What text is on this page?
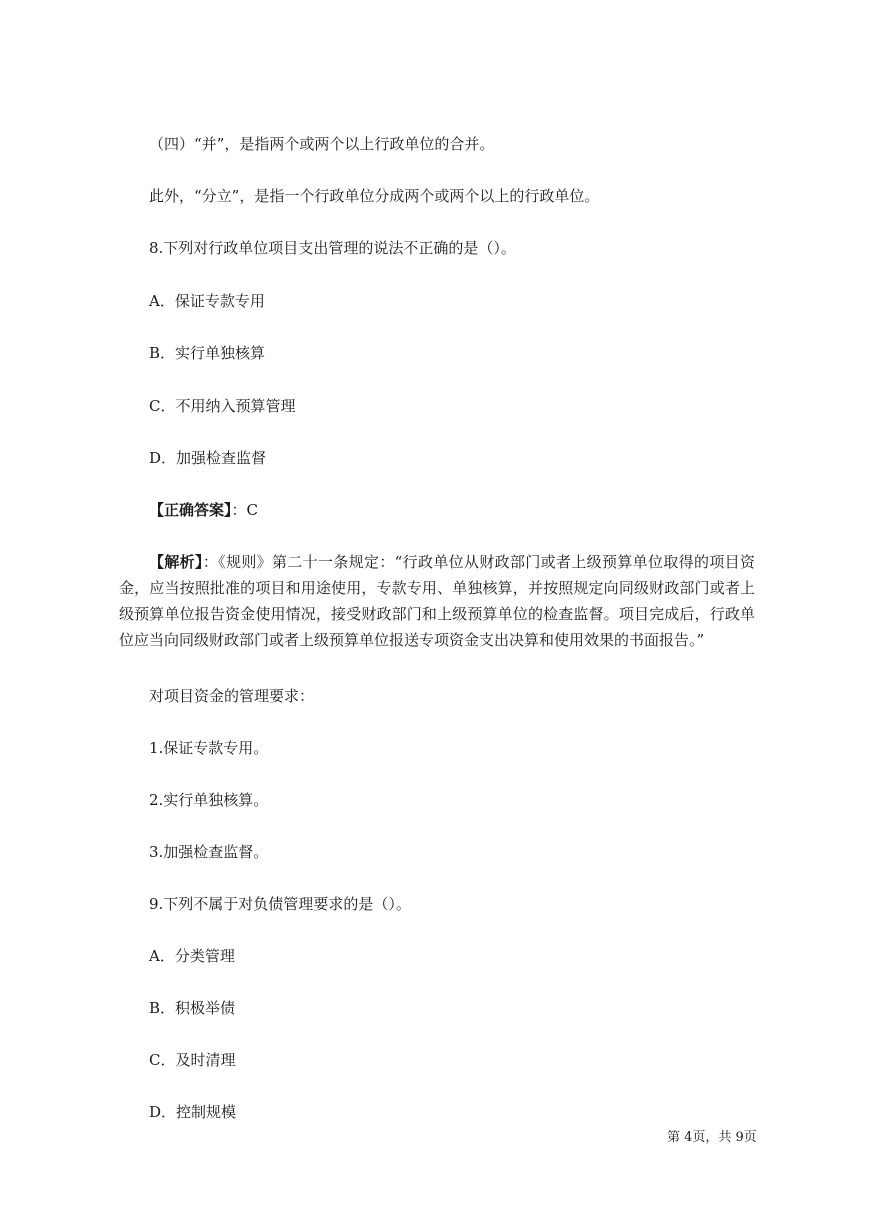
（四）“并”，是指两个或两个以上行政单位的合并。

此外，“分立”，是指一个行政单位分成两个或两个以上的行政单位。

8.下列对行政单位项目支出管理的说法不正确的是（）。

A．保证专款专用

B．实行单独核算

C．不用纳入预算管理

D．加强检查监督

【正确答案】：C

【解析】：《规则》第二十一条规定：“行政单位从财政部门或者上级预算单位取得的项目资金，应当按照批准的项目和用途使用，专款专用、单独核算，并按照规定向同级财政部门或者上级预算单位报告资金使用情况，接受财政部门和上级预算单位的检查监督。项目完成后，行政单位应当向同级财政部门或者上级预算单位报送专项资金支出决算和使用效果的书面报告。”

对项目资金的管理要求：

1.保证专款专用。

2.实行单独核算。

3.加强检查监督。

9.下列不属于对负债管理要求的是（）。

A．分类管理

B．积极举债

C．及时清理

D．控制规模

第 4页，共 9页
